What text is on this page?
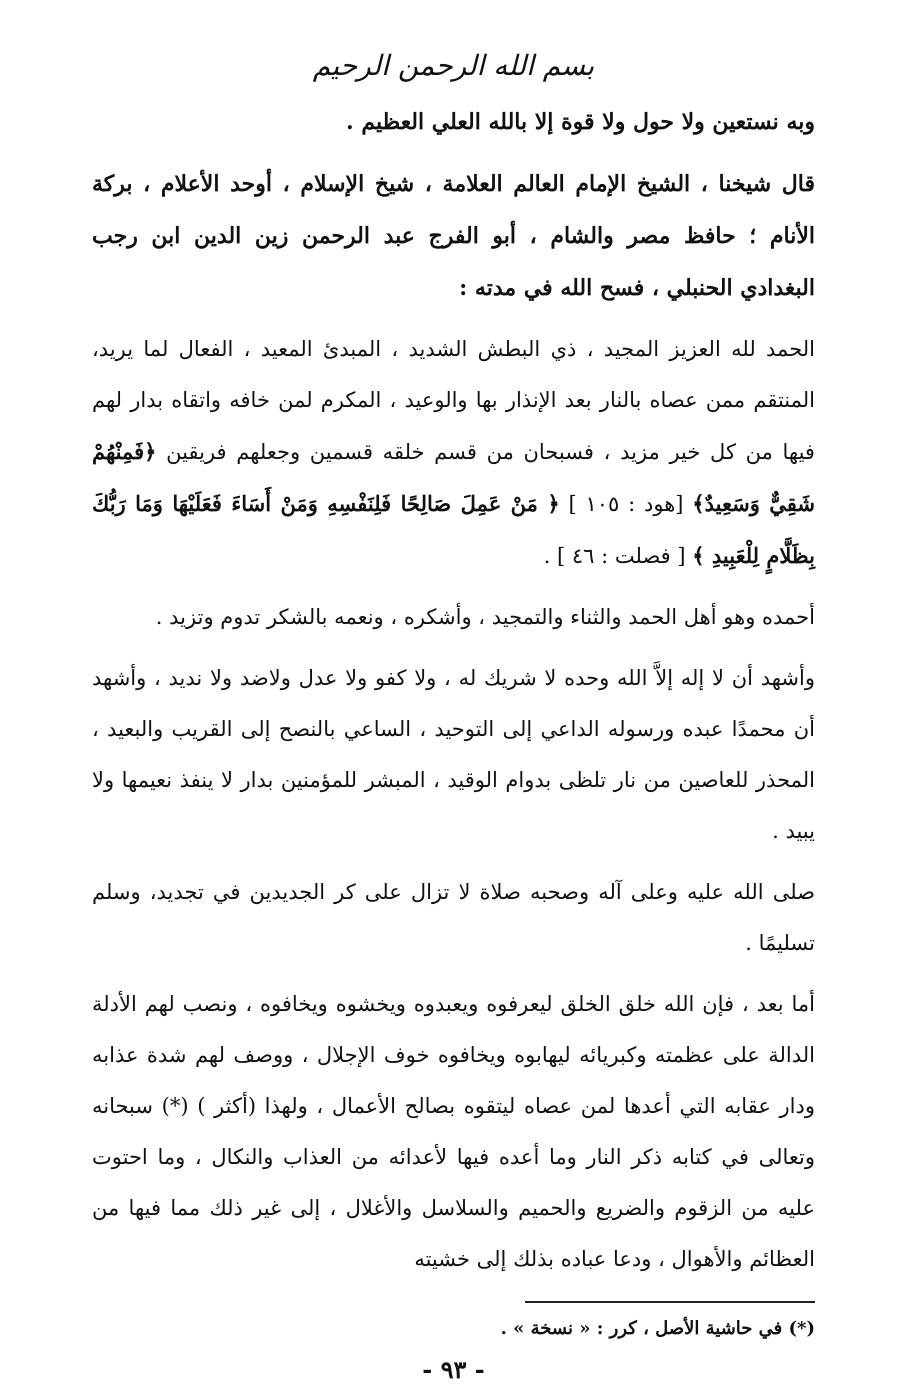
بسم الله الرحمن الرحيم

وبه نستعين ولا حول ولا قوة إلا بالله العلي العظيم .

قال شيخنا ، الشيخ الإمام العالم العلامة ، شيخ الإسلام ، أوحد الأعلام ، بركة الأنام ؛ حافظ مصر والشام ، أبو الفرج عبد الرحمن زين الدين ابن رجب البغدادي الحنبلي ، فسح الله في مدته :

الحمد لله العزيز المجيد ، ذي البطش الشديد ، المبدئ المعيد ، الفعال لما يريد، المنتقم ممن عصاه بالنار بعد الإنذار بها والوعيد ، المكرم لمن خافه واتقاه بدار لهم فيها من كل خير مزيد ، فسبحان من قسم خلقه قسمين وجعلهم فريقين ﴿فَمِنْهُمْ شَقِيٌّ وَسَعِيدٌ﴾ [هود : ١٠٥ ] ﴿ مَنْ عَمِلَ صَالِحًا فَلِنَفْسِهِ وَمَنْ أَسَاءَ فَعَلَيْهَا وَمَا رَبُّكَ بِظَلَّامٍ لِلْعَبِيدِ ﴾ [ فصلت : ٤٦ ] .

أحمده وهو أهل الحمد والثناء والتمجيد ، وأشكره ، ونعمه بالشكر تدوم وتزيد .

وأشهد أن لا إله إلاَّ الله وحده لا شريك له ، ولا كفو ولا عدل ولاضد ولا نديد ، وأشهد أن محمدًا عبده ورسوله الداعي إلى التوحيد ، الساعي بالنصح إلى القريب والبعيد ، المحذر للعاصين من نار تلظى بدوام الوقيد ، المبشر للمؤمنين بدار لا ينفذ نعيمها ولا يبيد .

صلى الله عليه وعلى آله وصحبه صلاة لا تزال على كر الجديدين في تجديد، وسلم تسليمًا .

أما بعد ، فإن الله خلق الخلق ليعرفوه ويعبدوه ويخشوه ويخافوه ، ونصب لهم الأدلة الدالة على عظمته وكبريائه ليهابوه ويخافوه خوف الإجلال ، ووصف لهم شدة عذابه ودار عقابه التي أعدها لمن عصاه ليتقوه بصالح الأعمال ، ولهذا (أكثر ) (*) سبحانه وتعالى في كتابه ذكر النار وما أعده فيها لأعدائه من العذاب والنكال ، وما احتوت عليه من الزقوم والضريع والحميم والسلاسل والأغلال ، إلى غير ذلك مما فيها من العظائم والأهوال ، ودعا عباده بذلك إلى خشيته

(*) في حاشية الأصل ، كرر : « نسخة » .

- ٩٣ -
